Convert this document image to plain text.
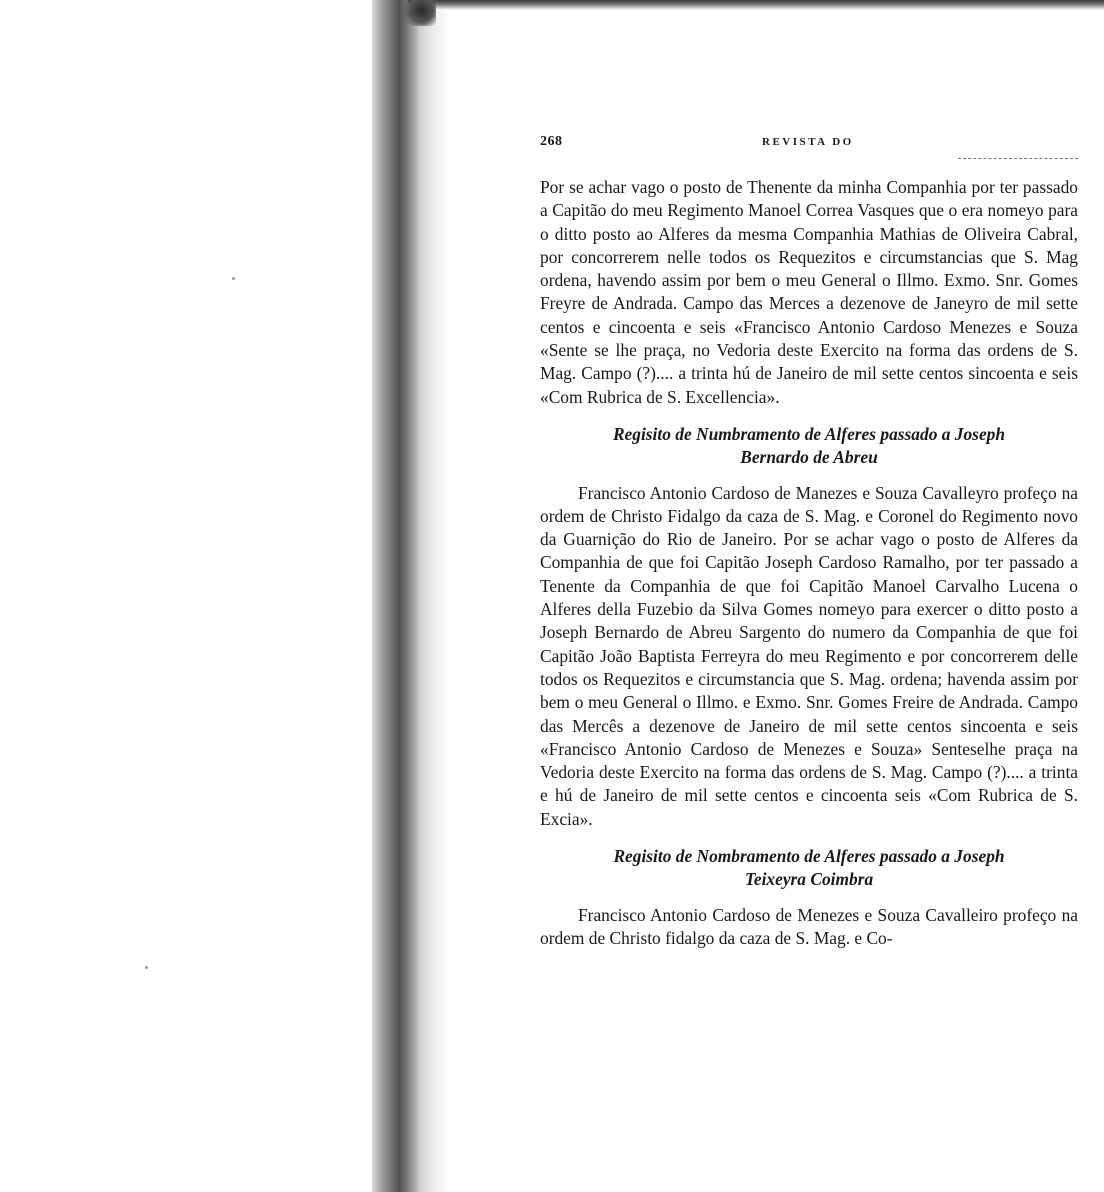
268	REVISTA DO

Por se achar vago o posto de Thenente da minha Companhia por ter passado a Capitão do meu Regimento Manoel Correa Vasques que o era nomeyo para o ditto posto ao Alferes da mesma Companhia Mathias de Oliveira Cabral, por concorrerem nelle todos os Requezitos e circumstancias que S. Mag ordena, havendo assim por bem o meu General o Illmo. Exmo. Snr. Gomes Freyre de Andrada. Campo das Merces a dezenove de Janeyro de mil sette centos e cincoenta e seis «Francisco Antonio Cardoso Menezes e Souza «Sente se lhe praça, no Vedoria deste Exercito na forma das ordens de S. Mag. Campo (?).... a trinta hú de Janeiro de mil sette centos sincoenta e seis «Com Rubrica de S. Excellencia».

Regisito de Numbramento de Alferes passado a Joseph
Bernardo de Abreu

Francisco Antonio Cardoso de Manezes e Souza Cavalleyro profeço na ordem de Christo Fidalgo da caza de S. Mag. e Coronel do Regimento novo da Guarnição do Rio de Janeiro. Por se achar vago o posto de Alferes da Companhia de que foi Capitão Joseph Cardoso Ramalho, por ter passado a Tenente da Companhia de que foi Capitão Manoel Carvalho Lucena o Alferes della Fuzebio da Silva Gomes nomeyo para exercer o ditto posto a Joseph Bernardo de Abreu Sargento do numero da Companhia de que foi Capitão João Baptista Ferreyra do meu Regimento e por concorrerem delle todos os Requezitos e circumstancia que S. Mag. ordena; havenda assim por bem o meu General o Illmo. e Exmo. Snr. Gomes Freire de Andrada. Campo das Mercês a dezenove de Janeiro de mil sette centos sincoenta e seis «Francisco Antonio Cardoso de Menezes e Souza» Senteselhe praça na Vedoria deste Exercito na forma das ordens de S. Mag. Campo (?).... a trinta e hú de Janeiro de mil sette centos e cincoenta seis «Com Rubrica de S. Excia».

Regisito de Nombramento de Alferes passado a Joseph
Teixeyra Coimbra

Francisco Antonio Cardoso de Menezes e Souza Cavalleiro profeço na ordem de Christo fidalgo da caza de S. Mag. e Co-
